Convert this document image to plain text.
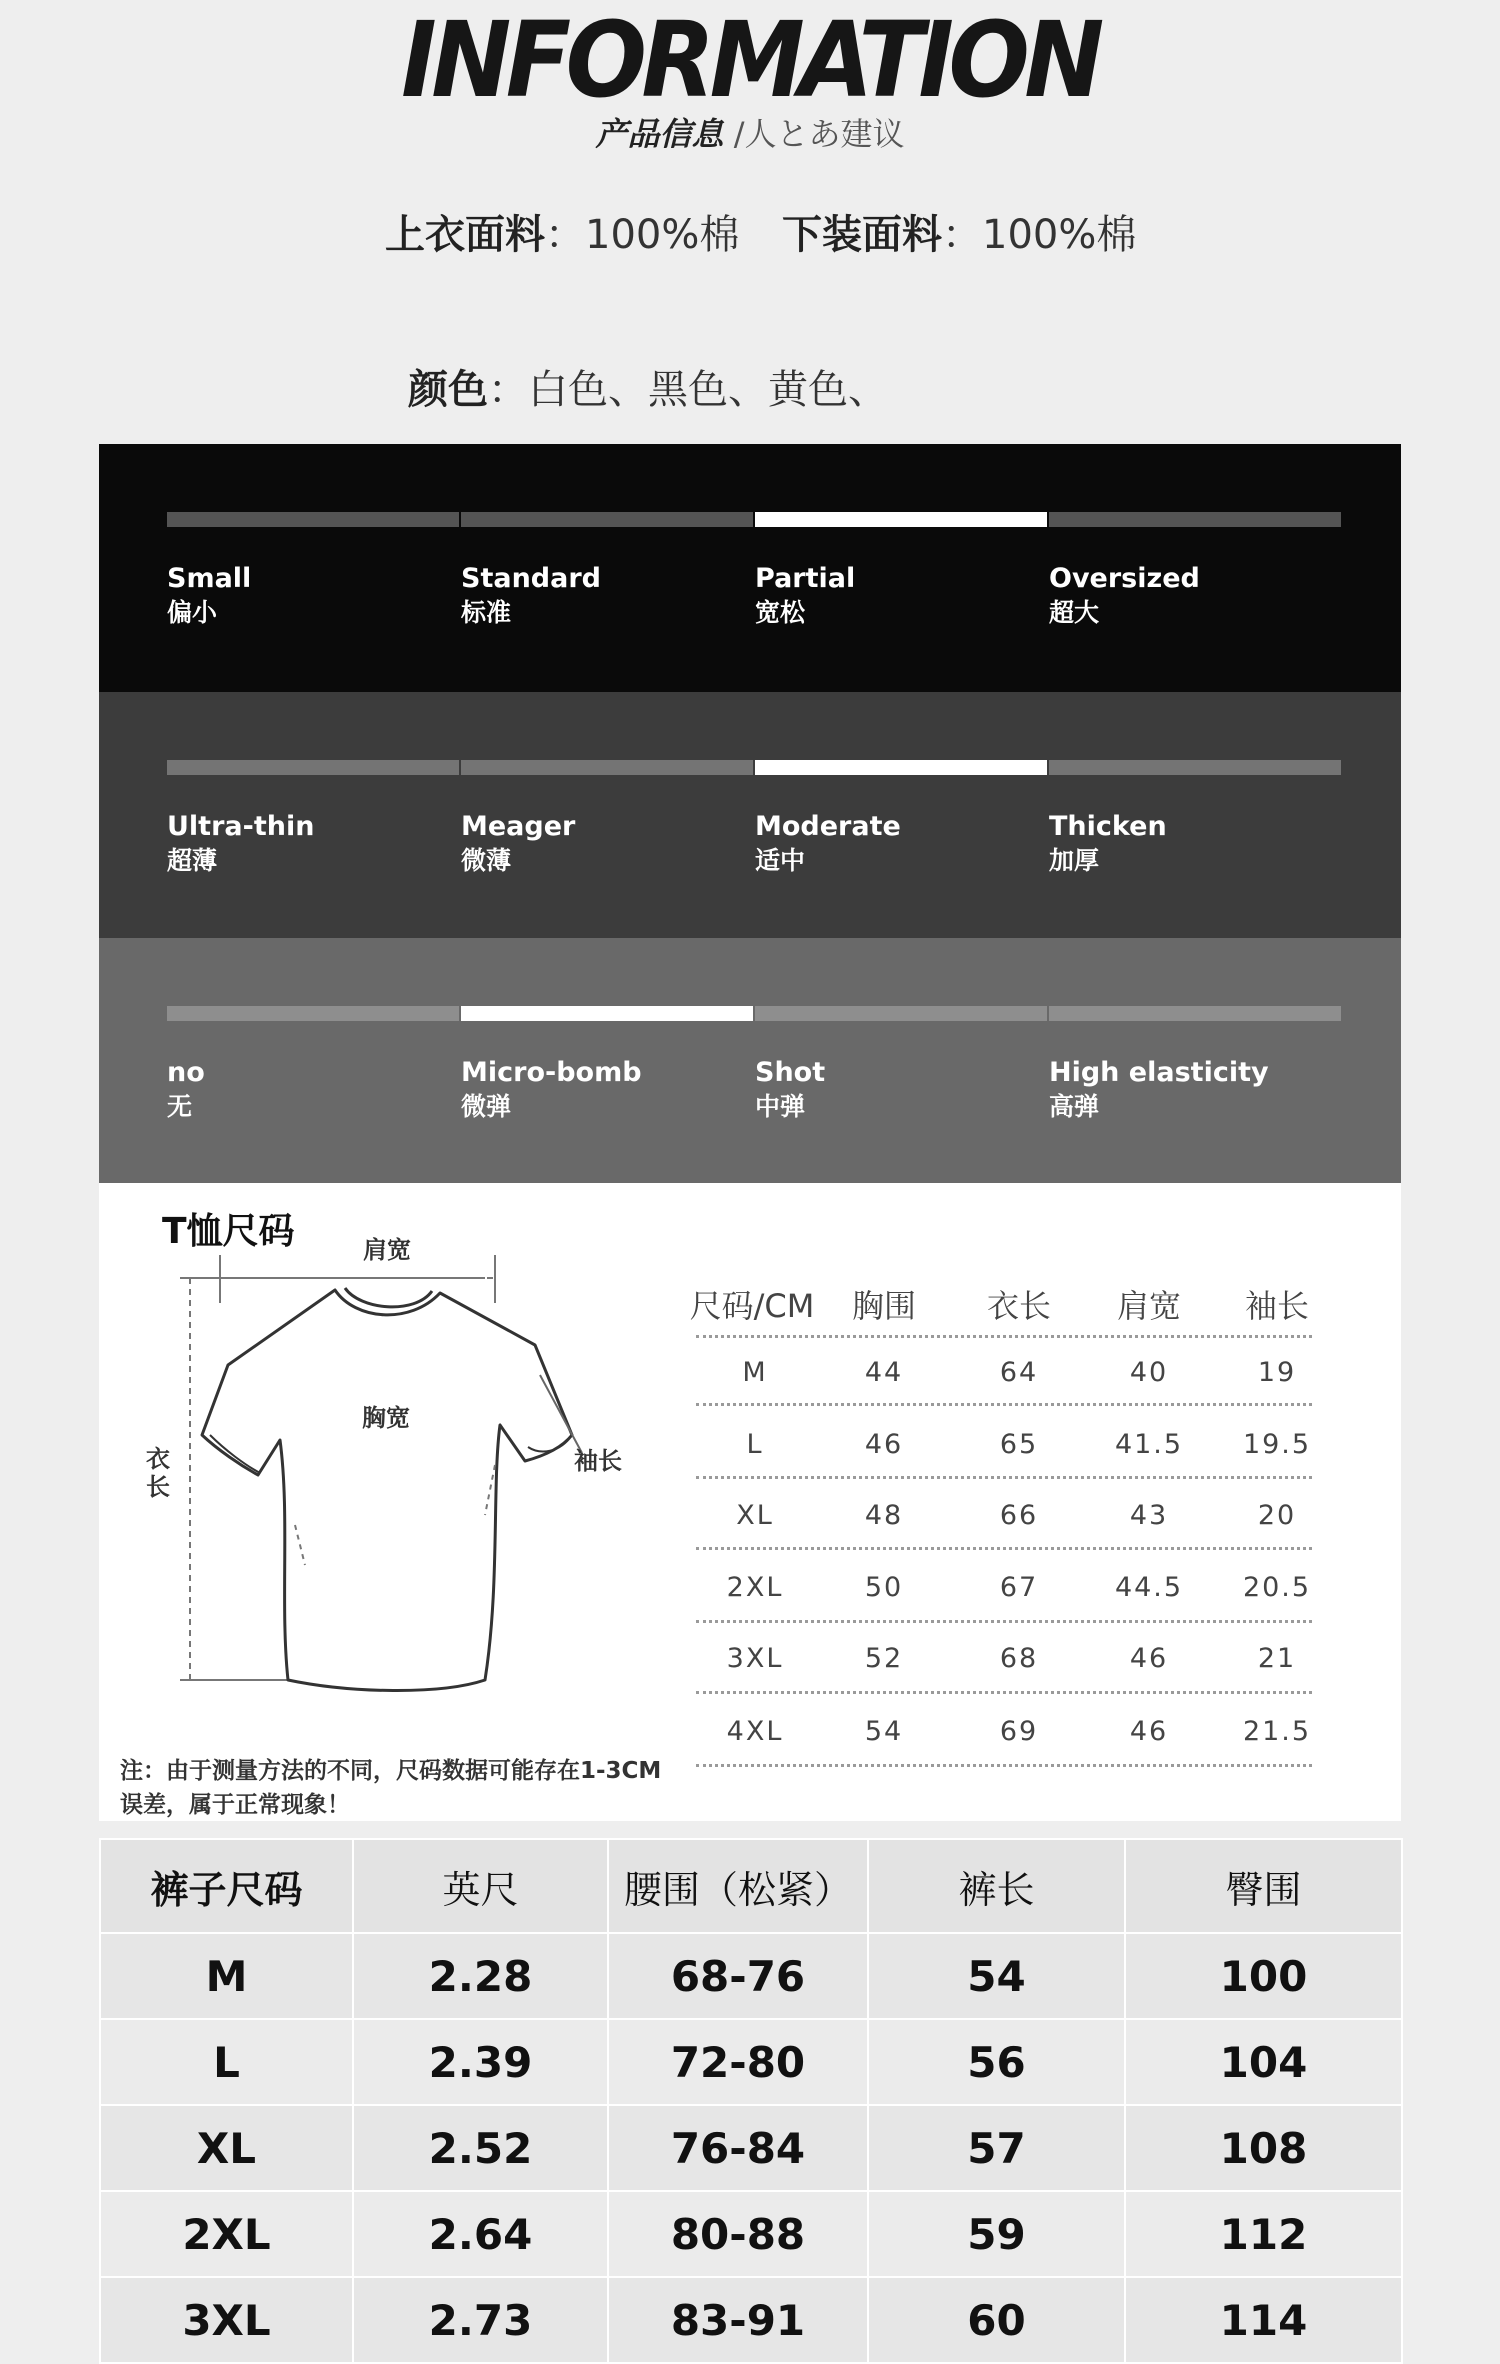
INFORMATION
产品信息 /人とあ建议
上衣面料：100%棉 下装面料：100%棉
颜色：白色、黑色、黄色、
Small
偏小
Standard
标准
Partial
宽松
Oversized
超大
Ultra-thin
超薄
Meager
微薄
Moderate
适中
Thicken
加厚
no
无
Micro-bomb
微弹
Shot
中弹
High elasticity
高弹
T恤尺码	肩宽
胸宽
袖长
衣长
注：由于测量方法的不同，尺码数据可能存在1-3CM误差，属于正常现象！
尺码/CM	胸围	衣长	肩宽	袖长
M	44	64	40	19
L	46	65	41.5	19.5
XL	48	66	43	20
2XL	50	67	44.5	20.5
3XL	52	68	46	21
4XL	54	69	46	21.5
裤子尺码	英尺	腰围（松紧）	裤长	臀围
M	2.28	68-76	54	100
L	2.39	72-80	56	104
XL	2.52	76-84	57	108
2XL	2.64	80-88	59	112
3XL	2.73	83-91	60	114
